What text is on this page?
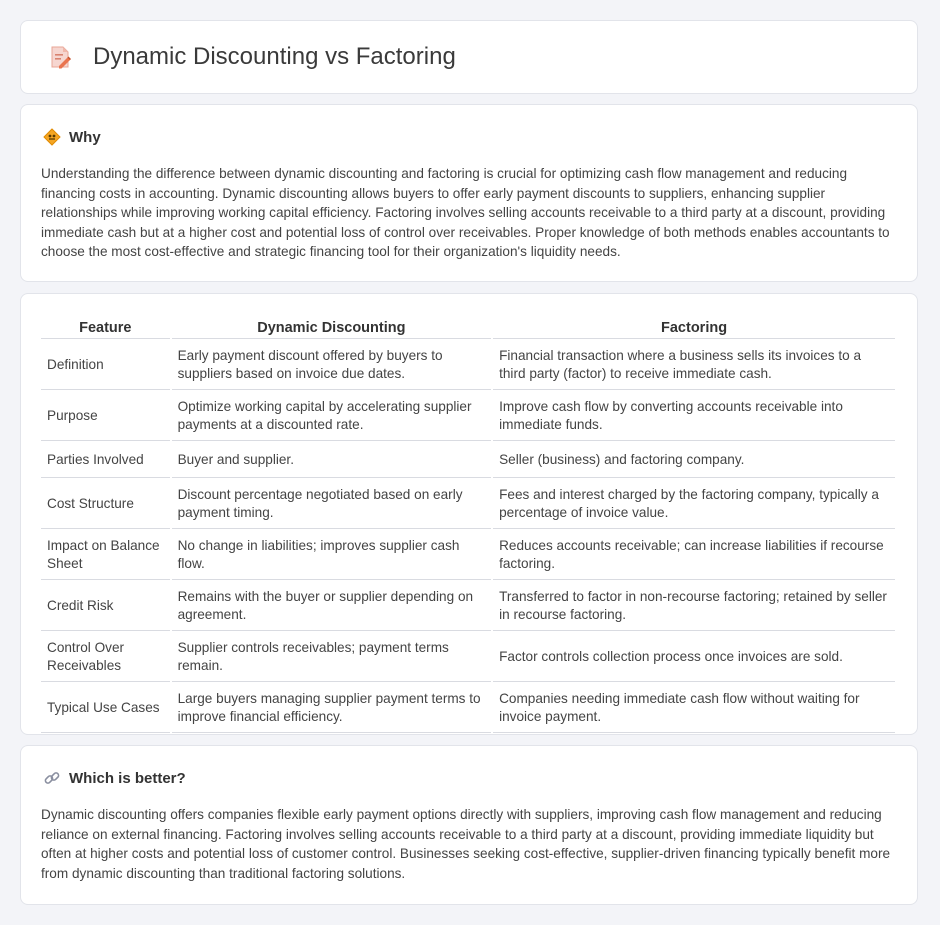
Dynamic Discounting vs Factoring
Why

Understanding the difference between dynamic discounting and factoring is crucial for optimizing cash flow management and reducing financing costs in accounting. Dynamic discounting allows buyers to offer early payment discounts to suppliers, enhancing supplier relationships while improving working capital efficiency. Factoring involves selling accounts receivable to a third party at a discount, providing immediate cash but at a higher cost and potential loss of control over receivables. Proper knowledge of both methods enables accountants to choose the most cost-effective and strategic financing tool for their organization's liquidity needs.

Feature	Dynamic Discounting	Factoring
Definition	Early payment discount offered by buyers to suppliers based on invoice due dates.	Financial transaction where a business sells its invoices to a third party (factor) to receive immediate cash.
Purpose	Optimize working capital by accelerating supplier payments at a discounted rate.	Improve cash flow by converting accounts receivable into immediate funds.
Parties Involved	Buyer and supplier.	Seller (business) and factoring company.
Cost Structure	Discount percentage negotiated based on early payment timing.	Fees and interest charged by the factoring company, typically a percentage of invoice value.
Impact on Balance Sheet	No change in liabilities; improves supplier cash flow.	Reduces accounts receivable; can increase liabilities if recourse factoring.
Credit Risk	Remains with the buyer or supplier depending on agreement.	Transferred to factor in non-recourse factoring; retained by seller in recourse factoring.
Control Over Receivables	Supplier controls receivables; payment terms remain.	Factor controls collection process once invoices are sold.
Typical Use Cases	Large buyers managing supplier payment terms to improve financial efficiency.	Companies needing immediate cash flow without waiting for invoice payment.
Which is better?

Dynamic discounting offers companies flexible early payment options directly with suppliers, improving cash flow management and reducing reliance on external financing. Factoring involves selling accounts receivable to a third party at a discount, providing immediate liquidity but often at higher costs and potential loss of customer control. Businesses seeking cost-effective, supplier-driven financing typically benefit more from dynamic discounting than traditional factoring solutions.
